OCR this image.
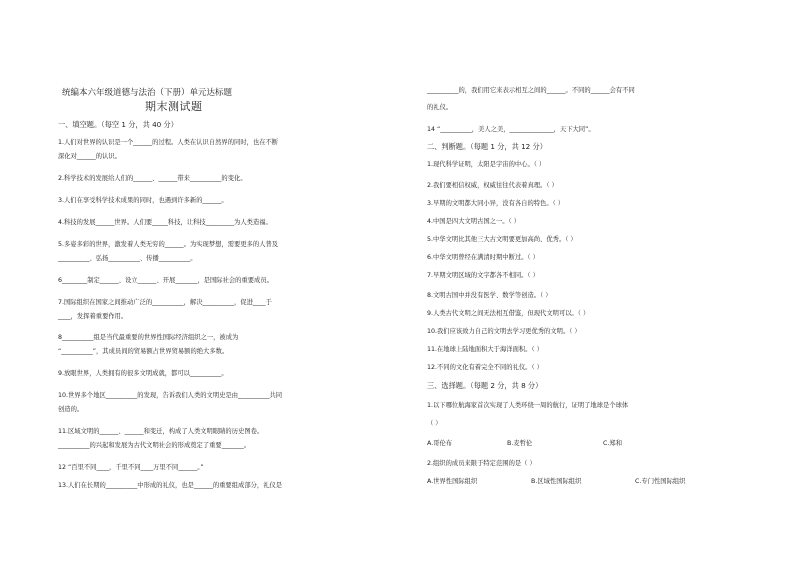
统编本六年级道德与法治（下册）单元达标题
期末测试题

一、填空题。（每空 1 分，共 40 分）

1.人们对世界的认识是一个______的过程。人类在认识自然界的同时，也在不断

深化对______的认识。

2.科学技术的发展给人们的______、______带来__________的变化。

3.人们在享受科学技术成果的同时，也遇到许多新的______。

4.科技的发展______世界。人们要_____科技，让科技_________为人类造福。

5.多姿多彩的世界，激发着人类无穷的______。为实现梦想，需要更多的人普及

__________、弘扬__________、传播__________。

6________制定______、设立______、开展_______，是国际社会的重要成员。

7.国际组织在国家之间推动广泛的__________，解决__________，促进____于

____，发挥着重要作用。

8__________组是当代最重要的世界性国际经济组织之一，被成为

“__________”，其成员间的贸易额占世界贸易额的绝大多数。

9.放眼世界，人类拥有的很多文明成就，都可以__________。

10.世界多个地区__________的发现，告诉我们人类的文明史是由__________共同

创造的。

11.区域文明的______、______和变迁，构成了人类文明眼睛的历史图卷。

__________的兴起和发展为古代文明社会的形成奠定了重要_______。

12 “百里不同____，千里不同____万里不同______。”

13.人们在长期的__________中形成的礼仪，也是______的重要组成部分，礼仪是

__________的，我们用它来表示相互之间的______。不同的______会有不同

的礼仪。

14 “__________，美人之美，______________，天下大同”。

二、判断题。（每题 1 分，共 12 分）

1.现代科学证明，太阳是宇宙的中心。（ ）

2.我们要相信权威，权威往往代表着真理。（ ）

3.早期的文明都大同小异，没有各自的特色。（ ）

4.中国是四大文明古国之一。（ ）

5.中华文明比其他三大古文明要更加高尚、优秀。（ ）

6.中华文明曾经在满清时期中断过。（ ）

7.早期文明区域的文字都各不相同。（ ）

8.文明古国中并没有医学、数学等创造。（ ）

9.人类古代文明之间无法相互借鉴，但现代文明可以。（ ）

10.我们应该致力自己的文明去学习更优秀的文明。（ ）

11.在地球上陆地面积大于海洋面积。（ ）

12.不同的文化有着完全不同的礼仪。（ ）

三、选择题。（每题 2 分，共 8 分）

1.以下哪位航海家首次实现了人类环绕一周的航行，证明了地球是个球体

（ ）

A.哥伦布	B.麦哲伦	C.郑和

2.组织的成员来限于特定范围的是（ ）

A.世界性国际组织	B.区域性国际组织	C.专门性国际组织
